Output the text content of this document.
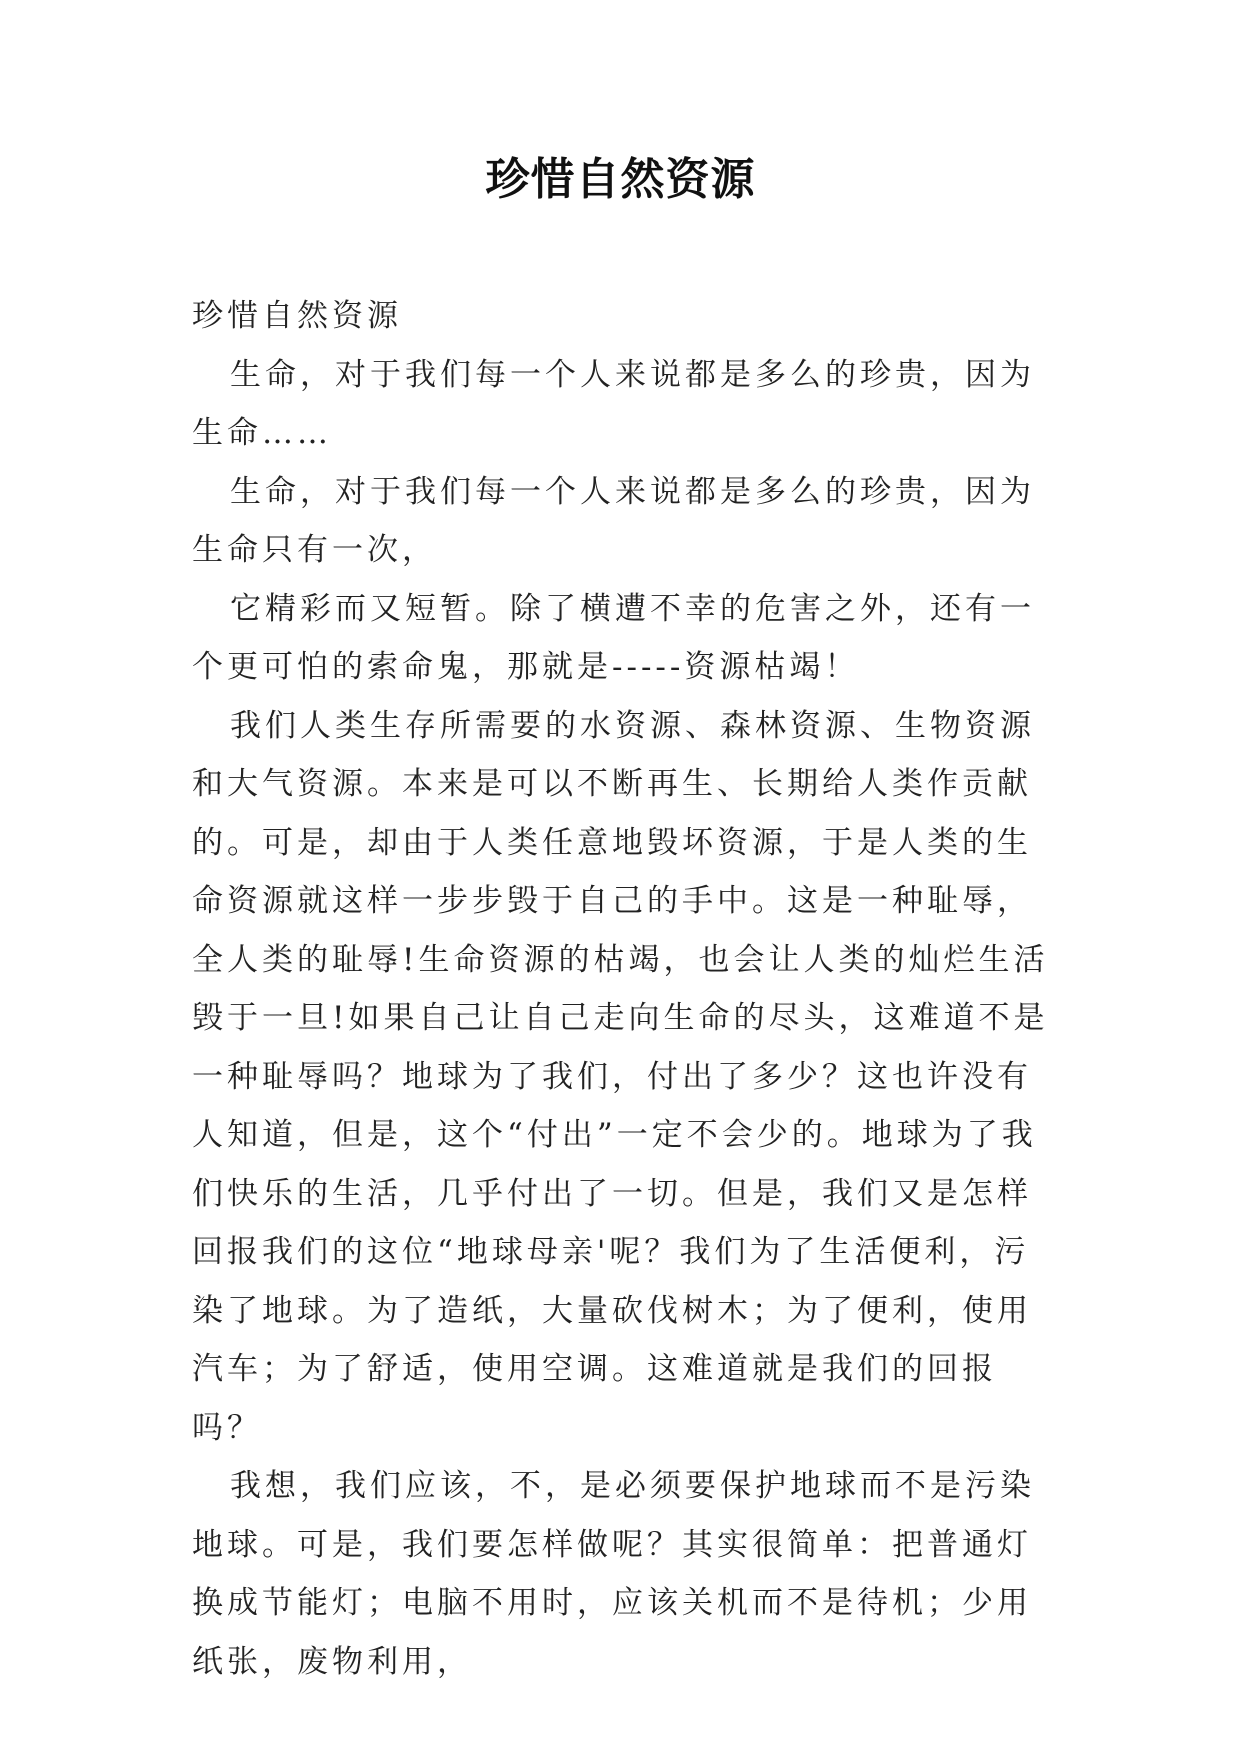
珍惜自然资源

珍惜自然资源

生命，对于我们每一个人来说都是多么的珍贵，因为生命……

生命，对于我们每一个人来说都是多么的珍贵，因为生命只有一次，

它精彩而又短暂。除了横遭不幸的危害之外，还有一个更可怕的索命鬼，那就是-----资源枯竭！

我们人类生存所需要的水资源、森林资源、生物资源和大气资源。本来是可以不断再生、长期给人类作贡献的。可是，却由于人类任意地毁坏资源，于是人类的生命资源就这样一步步毁于自己的手中。这是一种耻辱，全人类的耻辱!生命资源的枯竭，也会让人类的灿烂生活毁于一旦!如果自己让自己走向生命的尽头，这难道不是一种耻辱吗？地球为了我们，付出了多少？这也许没有人知道，但是，这个“付出”一定不会少的。地球为了我们快乐的生活，几乎付出了一切。但是，我们又是怎样回报我们的这位“地球母亲'呢？我们为了生活便利，污染了地球。为了造纸，大量砍伐树木；为了便利，使用汽车；为了舒适，使用空调。这难道就是我们的回报吗？

我想，我们应该，不，是必须要保护地球而不是污染地球。可是，我们要怎样做呢？其实很简单：把普通灯换成节能灯；电脑不用时，应该关机而不是待机；少用纸张，废物利用，
